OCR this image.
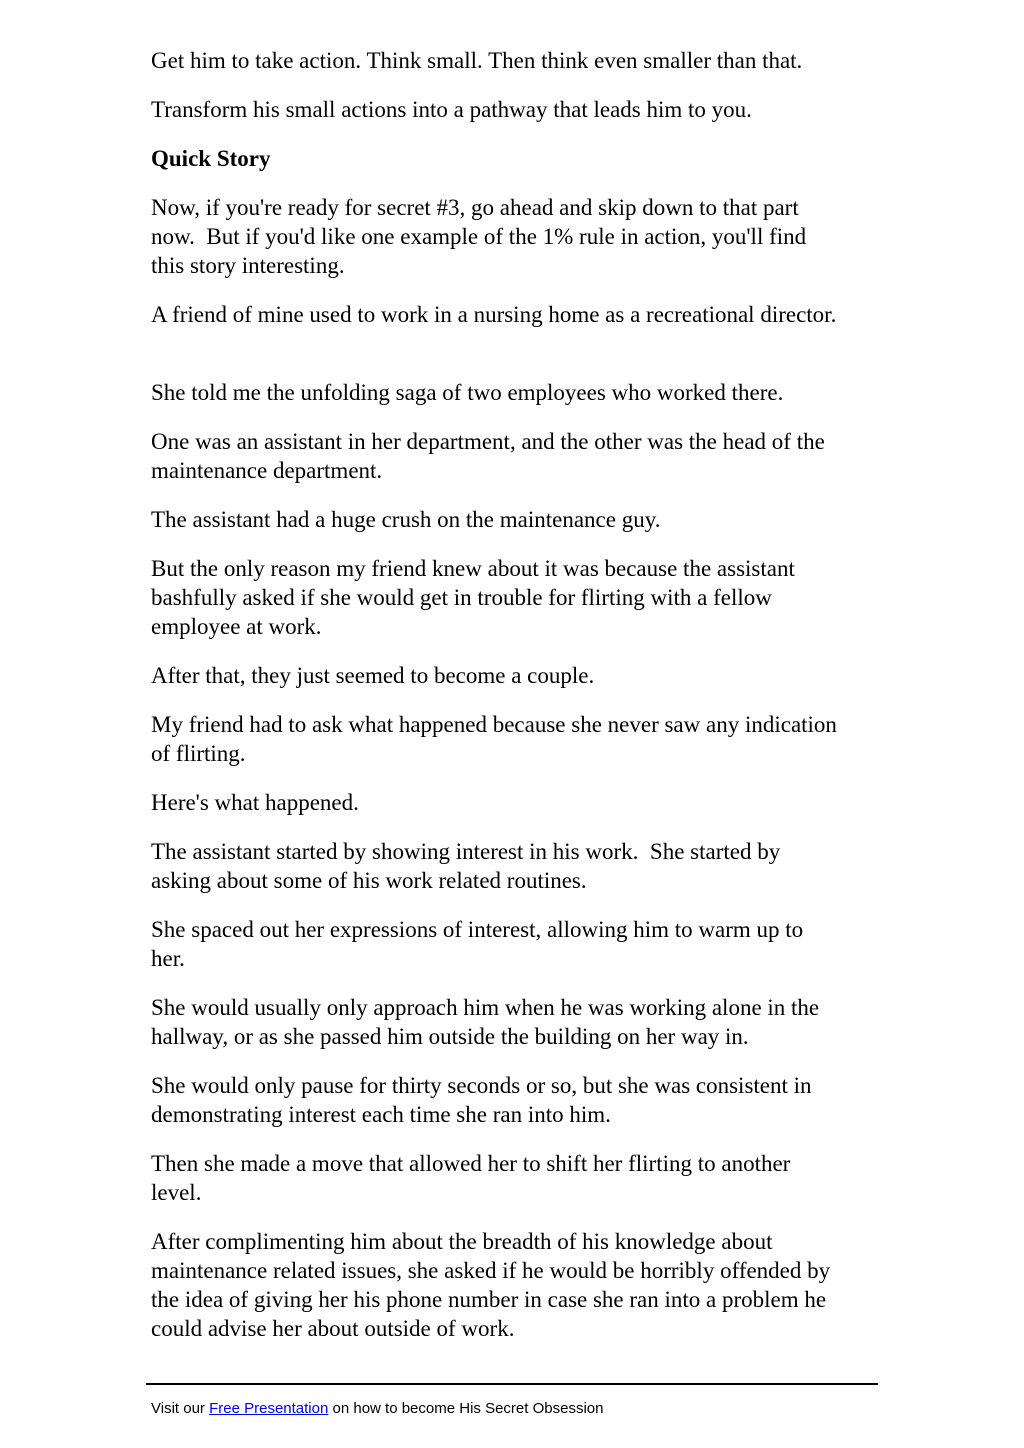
Get him to take action. Think small. Then think even smaller than that.

Transform his small actions into a pathway that leads him to you.

Quick Story

Now, if you're ready for secret #3, go ahead and skip down to that part
now.  But if you'd like one example of the 1% rule in action, you'll find
this story interesting.

A friend of mine used to work in a nursing home as a recreational director.

She told me the unfolding saga of two employees who worked there.

One was an assistant in her department, and the other was the head of the
maintenance department.

The assistant had a huge crush on the maintenance guy.

But the only reason my friend knew about it was because the assistant
bashfully asked if she would get in trouble for flirting with a fellow
employee at work.

After that, they just seemed to become a couple.

My friend had to ask what happened because she never saw any indication
of flirting.

Here's what happened.

The assistant started by showing interest in his work.  She started by
asking about some of his work related routines.

She spaced out her expressions of interest, allowing him to warm up to
her.

She would usually only approach him when he was working alone in the
hallway, or as she passed him outside the building on her way in.

She would only pause for thirty seconds or so, but she was consistent in
demonstrating interest each time she ran into him.

Then she made a move that allowed her to shift her flirting to another
level.

After complimenting him about the breadth of his knowledge about
maintenance related issues, she asked if he would be horribly offended by
the idea of giving her his phone number in case she ran into a problem he
could advise her about outside of work.

Visit our Free Presentation on how to become His Secret Obsession
